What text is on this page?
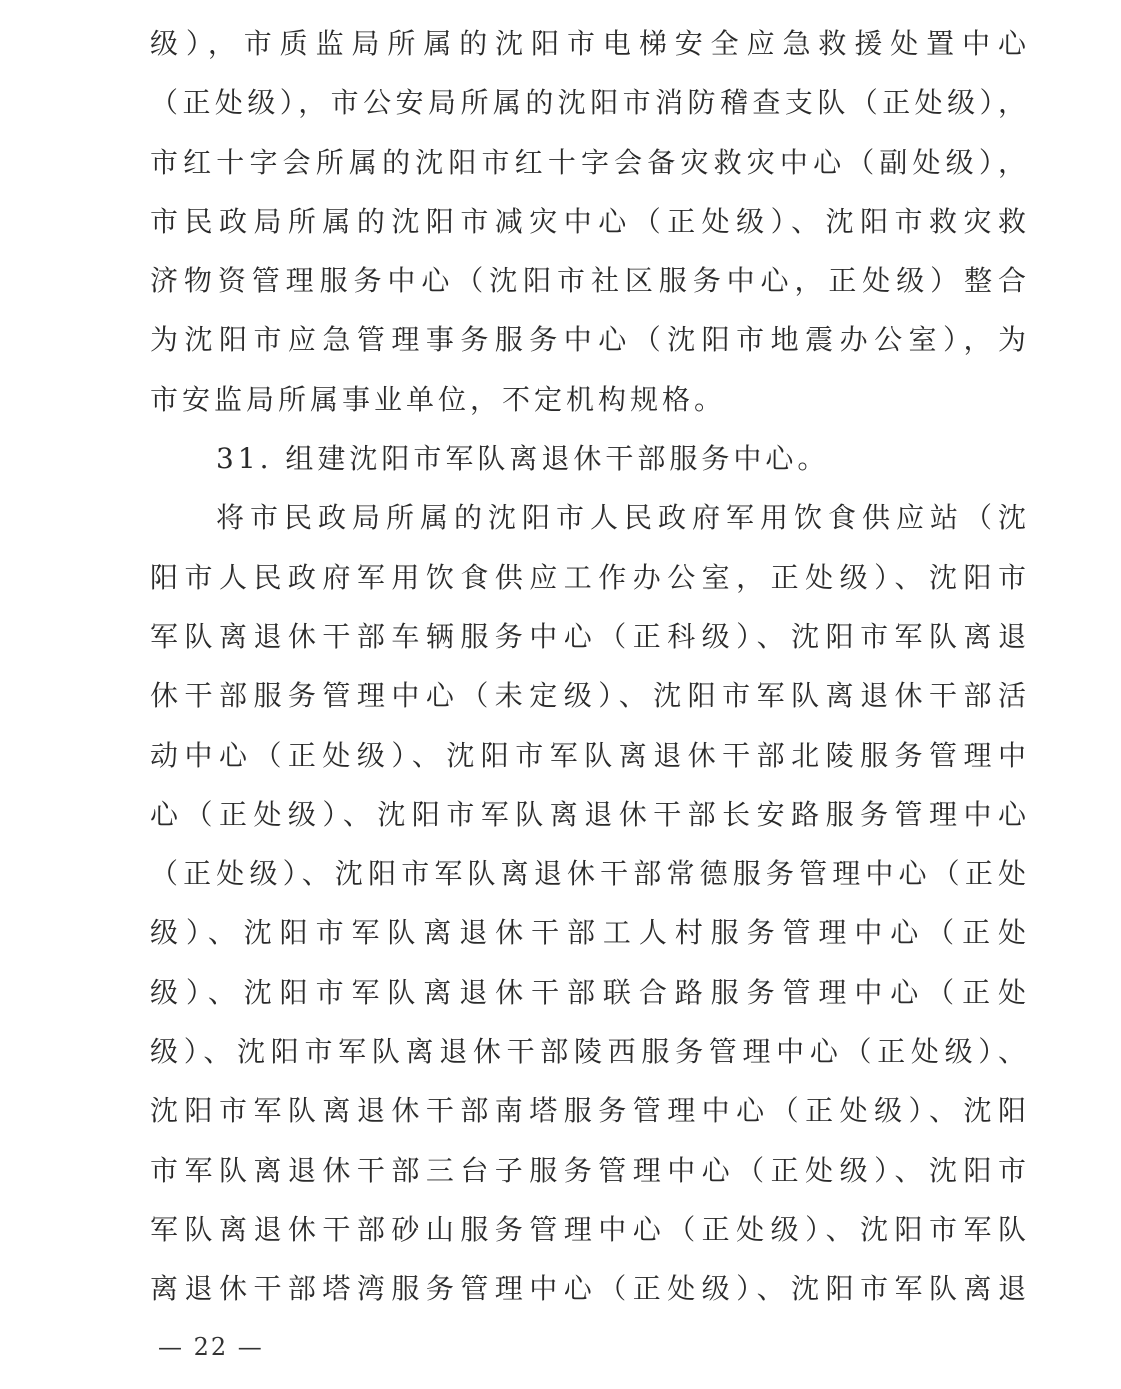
级），市质监局所属的沈阳市电梯安全应急救援处置中心
（正处级），市公安局所属的沈阳市消防稽查支队（正处级），
市红十字会所属的沈阳市红十字会备灾救灾中心（副处级），
市民政局所属的沈阳市减灾中心（正处级）、沈阳市救灾救
济物资管理服务中心（沈阳市社区服务中心，正处级）整合
为沈阳市应急管理事务服务中心（沈阳市地震办公室），为
市安监局所属事业单位，不定机构规格。
31. 组建沈阳市军队离退休干部服务中心。
将市民政局所属的沈阳市人民政府军用饮食供应站（沈
阳市人民政府军用饮食供应工作办公室，正处级）、沈阳市
军队离退休干部车辆服务中心（正科级）、沈阳市军队离退
休干部服务管理中心（未定级）、沈阳市军队离退休干部活
动中心（正处级）、沈阳市军队离退休干部北陵服务管理中
心（正处级）、沈阳市军队离退休干部长安路服务管理中心
（正处级）、沈阳市军队离退休干部常德服务管理中心（正处
级）、沈阳市军队离退休干部工人村服务管理中心（正处
级）、沈阳市军队离退休干部联合路服务管理中心（正处
级）、沈阳市军队离退休干部陵西服务管理中心（正处级）、
沈阳市军队离退休干部南塔服务管理中心（正处级）、沈阳
市军队离退休干部三台子服务管理中心（正处级）、沈阳市
军队离退休干部砂山服务管理中心（正处级）、沈阳市军队
离退休干部塔湾服务管理中心（正处级）、沈阳市军队离退
— 22 —
